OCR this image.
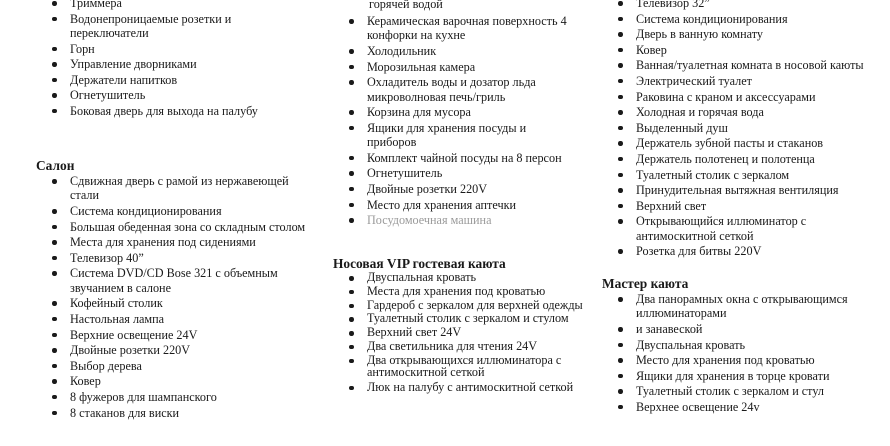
Триммера
Водонепроницаемые розетки и переключатели
Горн
Управление дворниками
Держатели напитков
Огнетушитель
Боковая дверь для выхода на палубу
Салон
Сдвижная дверь с рамой из нержавеющей стали
Система кондиционирования
Большая обеденная зона со складным столом
Места для хранения под сидениями
Телевизор 40”
Система DVD/CD Bose 321 с объемным звучанием в салоне
Кофейный столик
Настольная лампа
Верхние освещение 24V
Двойные розетки 220V
Выбор дерева
Ковер
8 фужеров для шампанского
8 стаканов для виски

горячей водой

Керамическая варочная поверхность 4 конфорки на кухне
Холодильник
Морозильная камера
Охладитель воды и дозатор льда микроволновая печь/гриль
Корзина для мусора
Ящики для хранения посуды и приборов
Комплект чайной посуды на 8 персон
Огнетушитель
Двойные розетки 220V
Место для хранения аптечки
Посудомоечная машина
Носовая VIP гостевая каюта
Двуспальная кровать
Места для хранения под кроватью
Гардероб с зеркалом для верхней одежды
Туалетный столик с зеркалом и стулом
Верхний свет 24V
Два светильника для чтения 24V
Два открывающихся иллюминатора с антимоскитной сеткой
Люк на палубу с антимоскитной сеткой
Телевизор 32”
Система кондиционирования
Дверь в ванную комнату
Ковер
Ванная/туалетная комната в носовой каюты
Электрический туалет
Раковина с краном и аксессуарами
Холодная и горячая вода
Выделенный душ
Держатель зубной пасты и стаканов
Держатель полотенец и полотенца
Туалетный столик с зеркалом
Принудительная вытяжная вентиляция
Верхний свет
Открывающийся иллюминатор с антимоскитной сеткой
Розетка для битвы 220V
Мастер каюта
Два панорамных окна с открывающимся иллюминаторами
и занавеской
Двуспальная кровать
Место для хранения под кроватью
Ящики для хранения в торце кровати
Туалетный столик с зеркалом и стул
Верхнее освещение 24v
